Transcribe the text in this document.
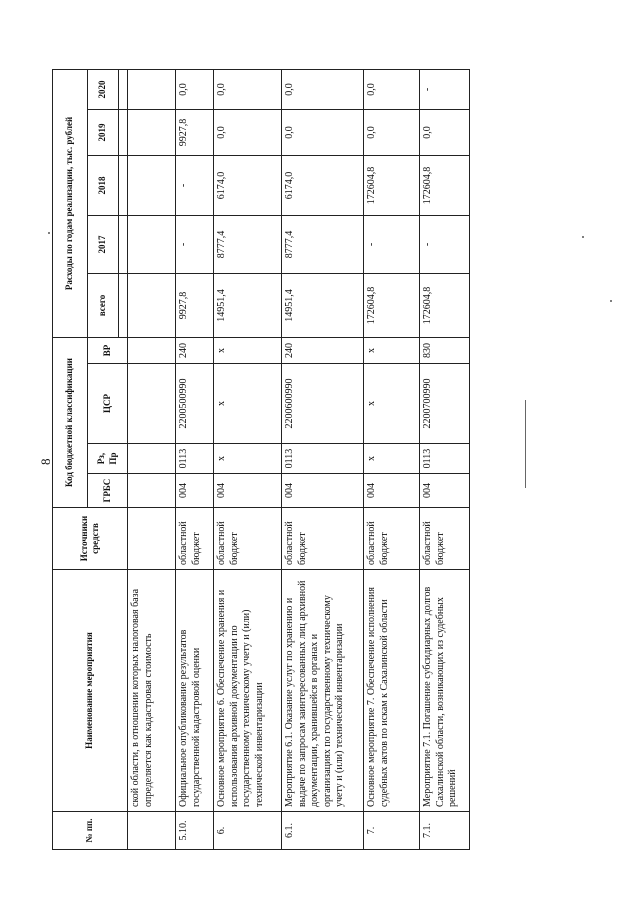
8
№ пп.	Наименование мероприятия	Источники средств	Код бюджетной классификации				Расходы по годам реализации, тыс. рублей				
			ГРБС	Рз, Пр	ЦСР	ВР	всего	2017	2018	2019	2020

	ской области, в отношении которых налоговая база определяется как кадастровая стоимость										
5.10.	Официальное опубликование результатов государственной кадастровой оценки	областной бюджет	004	0113	2200500990	240	9927,8	-	-	9927,8	0,0
6.	Основное мероприятие 6. Обеспечение хранения и использования архивной документации по государственному техническому учету и (или) технической инвентаризации	областной бюджет	004	x	x	x	14951,4	8777,4	6174,0	0,0	0,0
6.1.	Мероприятие 6.1. Оказание услуг по хранению и выдаче по запросам заинтересованных лиц архивной документации, хранившейся в органах и организациях по государственному техническому учету и (или) технической инвентаризации	областной бюджет	004	0113	2200600990	240	14951,4	8777,4	6174,0	0,0	0,0
7.	Основное мероприятие 7. Обеспечение исполнения судебных актов по искам к Сахалинской области	областной бюджет	004	x	x	x	172604,8	-	172604,8	0,0	0,0
7.1.	Мероприятие 7.1. Погашение субсидиарных долгов Сахалинской области, возникающих из судебных решений	областной бюджет	004	0113	2200700990	830	172604,8	-	172604,8	0,0	-
